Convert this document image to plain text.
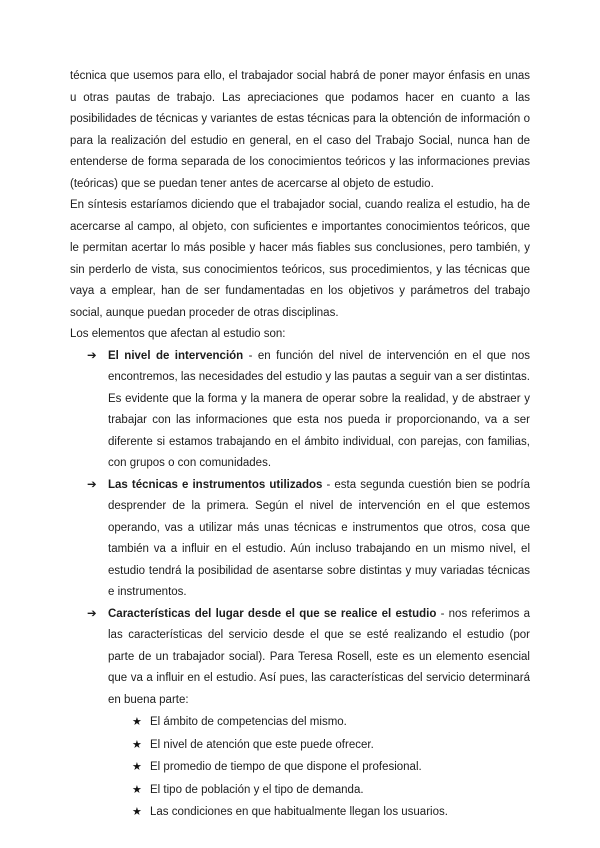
técnica que usemos para ello, el trabajador social habrá de poner mayor énfasis en unas u otras pautas de trabajo. Las apreciaciones que podamos hacer en cuanto a las posibilidades de técnicas y variantes de estas técnicas para la obtención de información o para la realización del estudio en general, en el caso del Trabajo Social, nunca han de entenderse de forma separada de los conocimientos teóricos y las informaciones previas (teóricas) que se puedan tener antes de acercarse al objeto de estudio.

En síntesis estaríamos diciendo que el trabajador social, cuando realiza el estudio, ha de acercarse al campo, al objeto, con suficientes e importantes conocimientos teóricos, que le permitan acertar lo más posible y hacer más fiables sus conclusiones, pero también, y sin perderlo de vista, sus conocimientos teóricos, sus procedimientos, y las técnicas que vaya a emplear, han de ser fundamentadas en los objetivos y parámetros del trabajo social, aunque puedan proceder de otras disciplinas.

Los elementos que afectan al estudio son:

➔ El nivel de intervención - en función del nivel de intervención en el que nos encontremos, las necesidades del estudio y las pautas a seguir van a ser distintas. Es evidente que la forma y la manera de operar sobre la realidad, y de abstraer y trabajar con las informaciones que esta nos pueda ir proporcionando, va a ser diferente si estamos trabajando en el ámbito individual, con parejas, con familias, con grupos o con comunidades.
➔ Las técnicas e instrumentos utilizados - esta segunda cuestión bien se podría desprender de la primera. Según el nivel de intervención en el que estemos operando, vas a utilizar más unas técnicas e instrumentos que otros, cosa que también va a influir en el estudio. Aún incluso trabajando en un mismo nivel, el estudio tendrá la posibilidad de asentarse sobre distintas y muy variadas técnicas e instrumentos.
➔ Características del lugar desde el que se realice el estudio - nos referimos a las características del servicio desde el que se esté realizando el estudio (por parte de un trabajador social). Para Teresa Rosell, este es un elemento esencial que va a influir en el estudio. Así pues, las características del servicio determinará en buena parte:
★ El ámbito de competencias del mismo.
★ El nivel de atención que este puede ofrecer.
★ El promedio de tiempo de que dispone el profesional.
★ El tipo de población y el tipo de demanda.
★ Las condiciones en que habitualmente llegan los usuarios.
